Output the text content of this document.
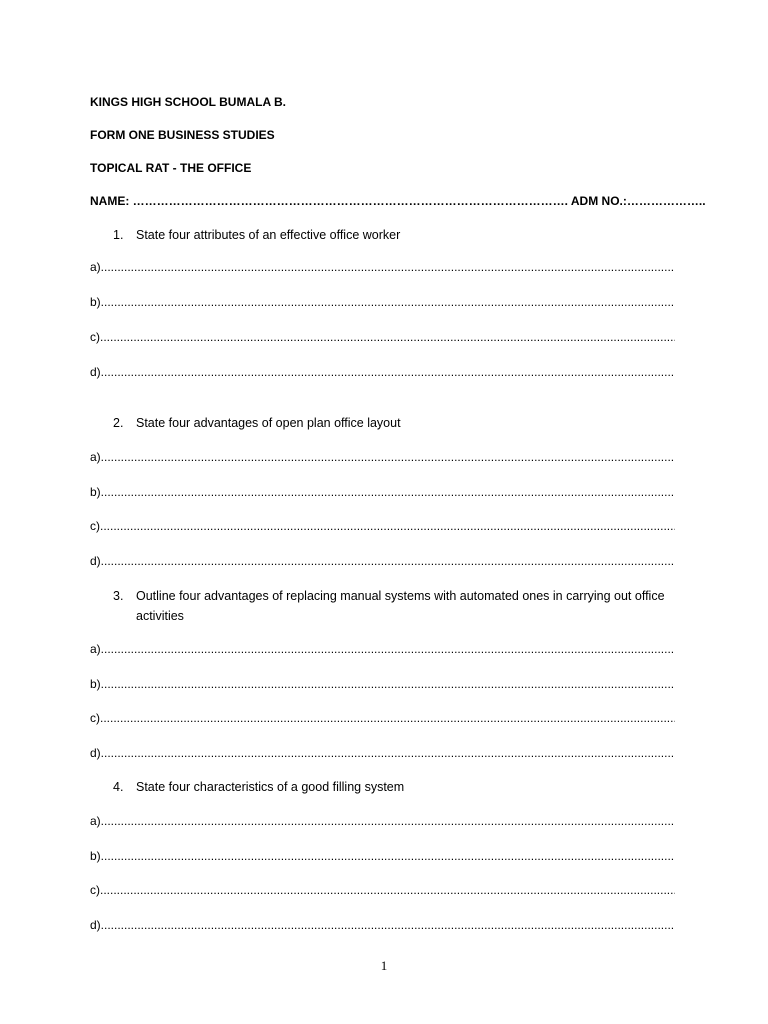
KINGS HIGH SCHOOL BUMALA B.
FORM ONE BUSINESS STUDIES
TOPICAL RAT - THE OFFICE
NAME: ………………………………………………………………………………………………. ADM NO.:………………..
1. State four attributes of an effective office worker
a)
.....
b)
.....
c)
.....
d)
.....
2. State four advantages of open plan office layout
a)
.....
b)
.....
c)
.....
d)
.....
3. Outline four advantages of replacing manual systems with automated ones in carrying out office activities
a)
.....
b)
.....
c)
.....
d)
.....
4. State four characteristics of a good filling system
a)
.....
b)
.....
c)
.....
d)
.....
1
